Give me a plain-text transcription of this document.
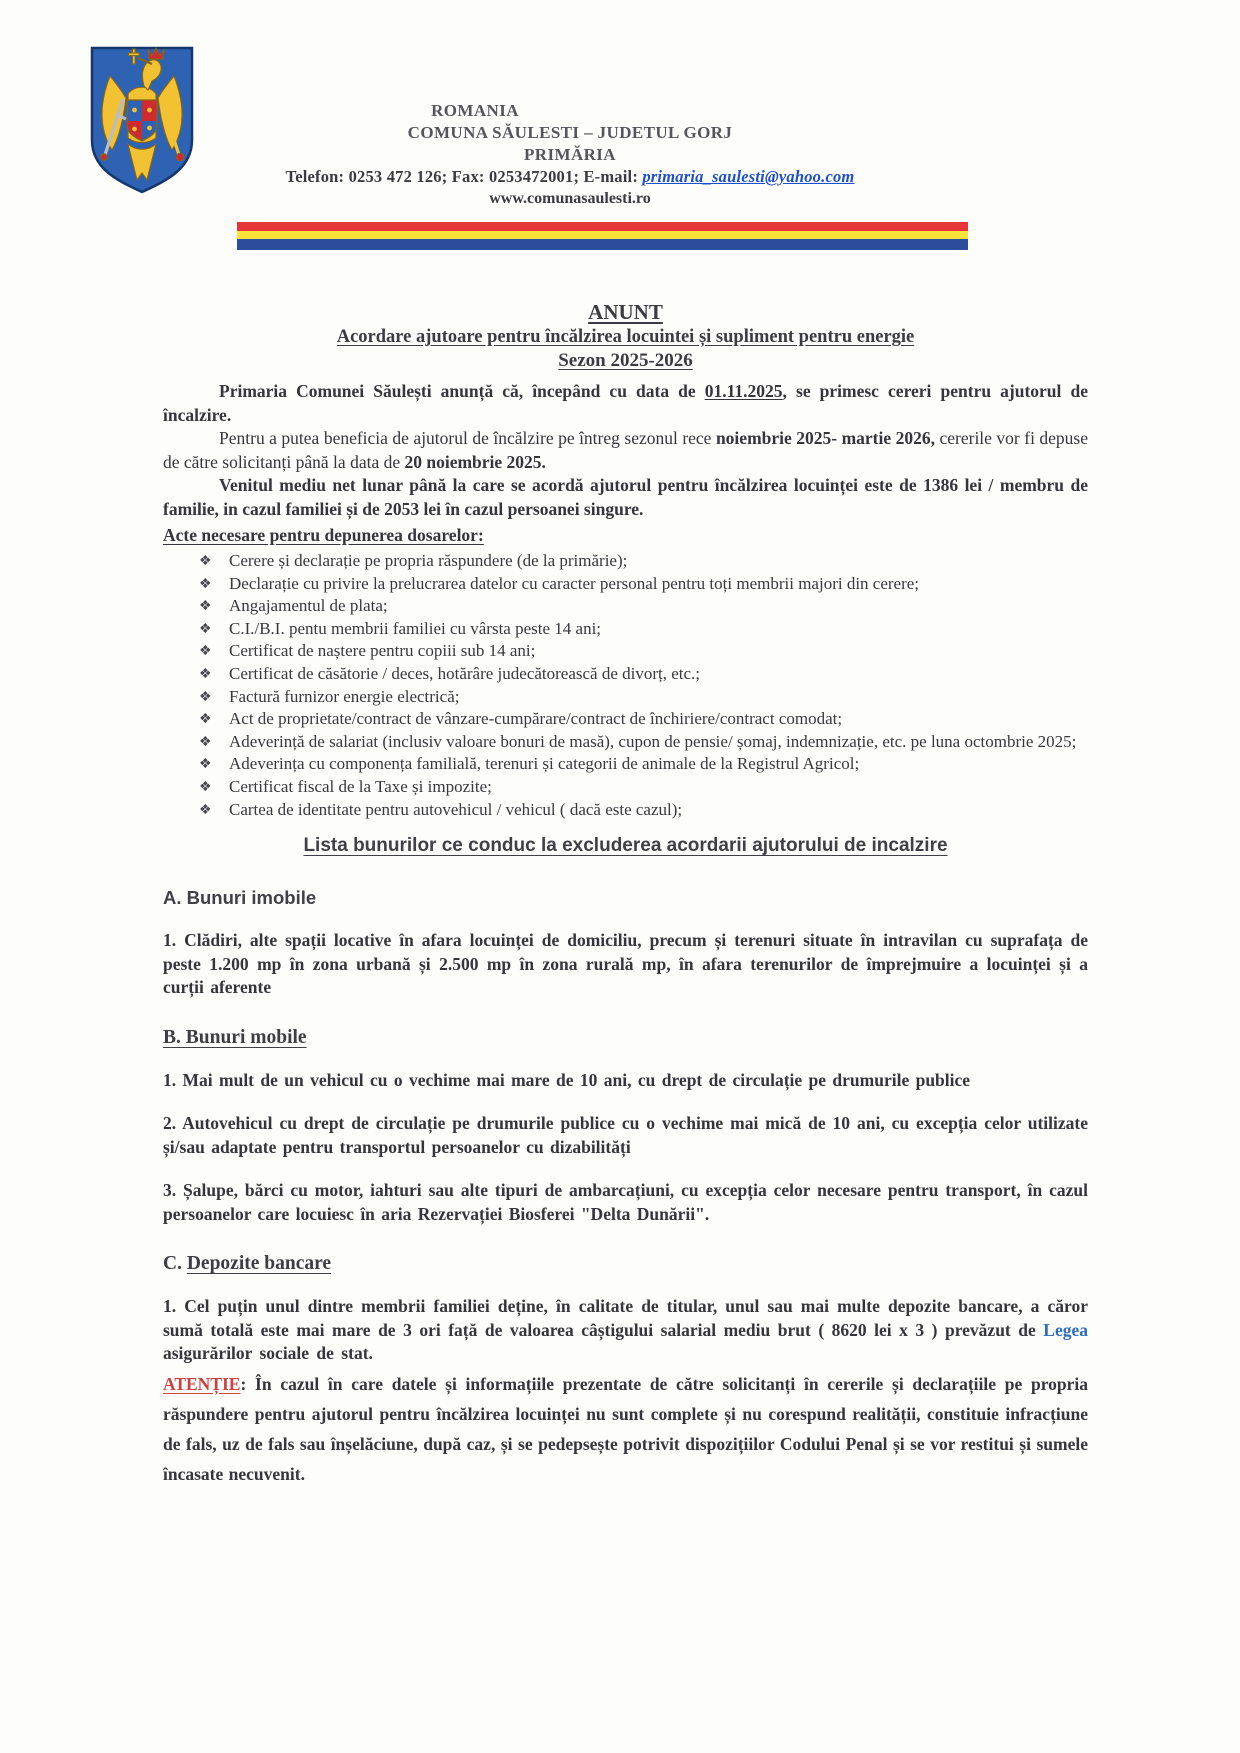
ROMANIA
COMUNA SĂULESTI – JUDETUL GORJ
PRIMĂRIA
Telefon: 0253 472 126; Fax: 0253472001; E-mail: primaria_saulesti@yahoo.com
www.comunasaulesti.ro
ANUNT
Acordare ajutoare pentru încălzirea locuintei și supliment pentru energie
Sezon 2025-2026

Primaria Comunei Săulești anunță că, începând cu data de 01.11.2025, se primesc cereri pentru ajutorul de încalzire.

Pentru a putea beneficia de ajutorul de încălzire pe întreg sezonul rece noiembrie 2025- martie 2026, cererile vor fi depuse de către solicitanți până la data de 20 noiembrie 2025.

Venitul mediu net lunar până la care se acordă ajutorul pentru încălzirea locuinței este de 1386 lei / membru de familie, in cazul familiei și de 2053 lei în cazul persoanei singure.

Acte necesare pentru depunerea dosarelor:
❖ Cerere și declarație pe propria răspundere (de la primărie);
❖ Declarație cu privire la prelucrarea datelor cu caracter personal pentru toți membrii majori din cerere;
❖ Angajamentul de plata;
❖ C.I./B.I. pentu membrii familiei cu vârsta peste 14 ani;
❖ Certificat de naștere pentru copiii sub 14 ani;
❖ Certificat de căsătorie / deces, hotărâre judecătorească de divorț, etc.;
❖ Factură furnizor energie electrică;
❖ Act de proprietate/contract de vânzare-cumpărare/contract de închiriere/contract comodat;
❖ Adeverință de salariat (inclusiv valoare bonuri de masă), cupon de pensie/ șomaj, indemnizație, etc. pe luna octombrie 2025;
❖ Adeverința cu componența familială, terenuri și categorii de animale de la Registrul Agricol;
❖ Certificat fiscal de la Taxe și impozite;
❖ Cartea de identitate pentru autovehicul / vehicul ( dacă este cazul);
Lista bunurilor ce conduc la excluderea acordarii ajutorului de incalzire
A. Bunuri imobile

1. Clădiri, alte spații locative în afara locuinței de domiciliu, precum și terenuri situate în intravilan cu suprafața de peste 1.200 mp în zona urbană și 2.500 mp în zona rurală mp, în afara terenurilor de împrejmuire a locuinței și a curții aferente

B. Bunuri mobile

1. Mai mult de un vehicul cu o vechime mai mare de 10 ani, cu drept de circulație pe drumurile publice

2. Autovehicul cu drept de circulație pe drumurile publice cu o vechime mai mică de 10 ani, cu excepția celor utilizate și/sau adaptate pentru transportul persoanelor cu dizabilități

3. Șalupe, bărci cu motor, iahturi sau alte tipuri de ambarcațiuni, cu excepția celor necesare pentru transport, în cazul persoanelor care locuiesc în aria Rezervației Biosferei "Delta Dunării".

C. Depozite bancare

1. Cel puțin unul dintre membrii familiei deține, în calitate de titular, unul sau mai multe depozite bancare, a căror sumă totală este mai mare de 3 ori față de valoarea câștigului salarial mediu brut ( 8620 lei x 3 ) prevăzut de Legea asigurărilor sociale de stat.

ATENȚIE: În cazul în care datele și informațiile prezentate de către solicitanți în cererile și declarațiile pe propria răspundere pentru ajutorul pentru încălzirea locuinței nu sunt complete și nu corespund realității, constituie infracțiune de fals, uz de fals sau înșelăciune, după caz, și se pedepsește potrivit dispozițiilor Codului Penal și se vor restitui și sumele încasate necuvenit.
